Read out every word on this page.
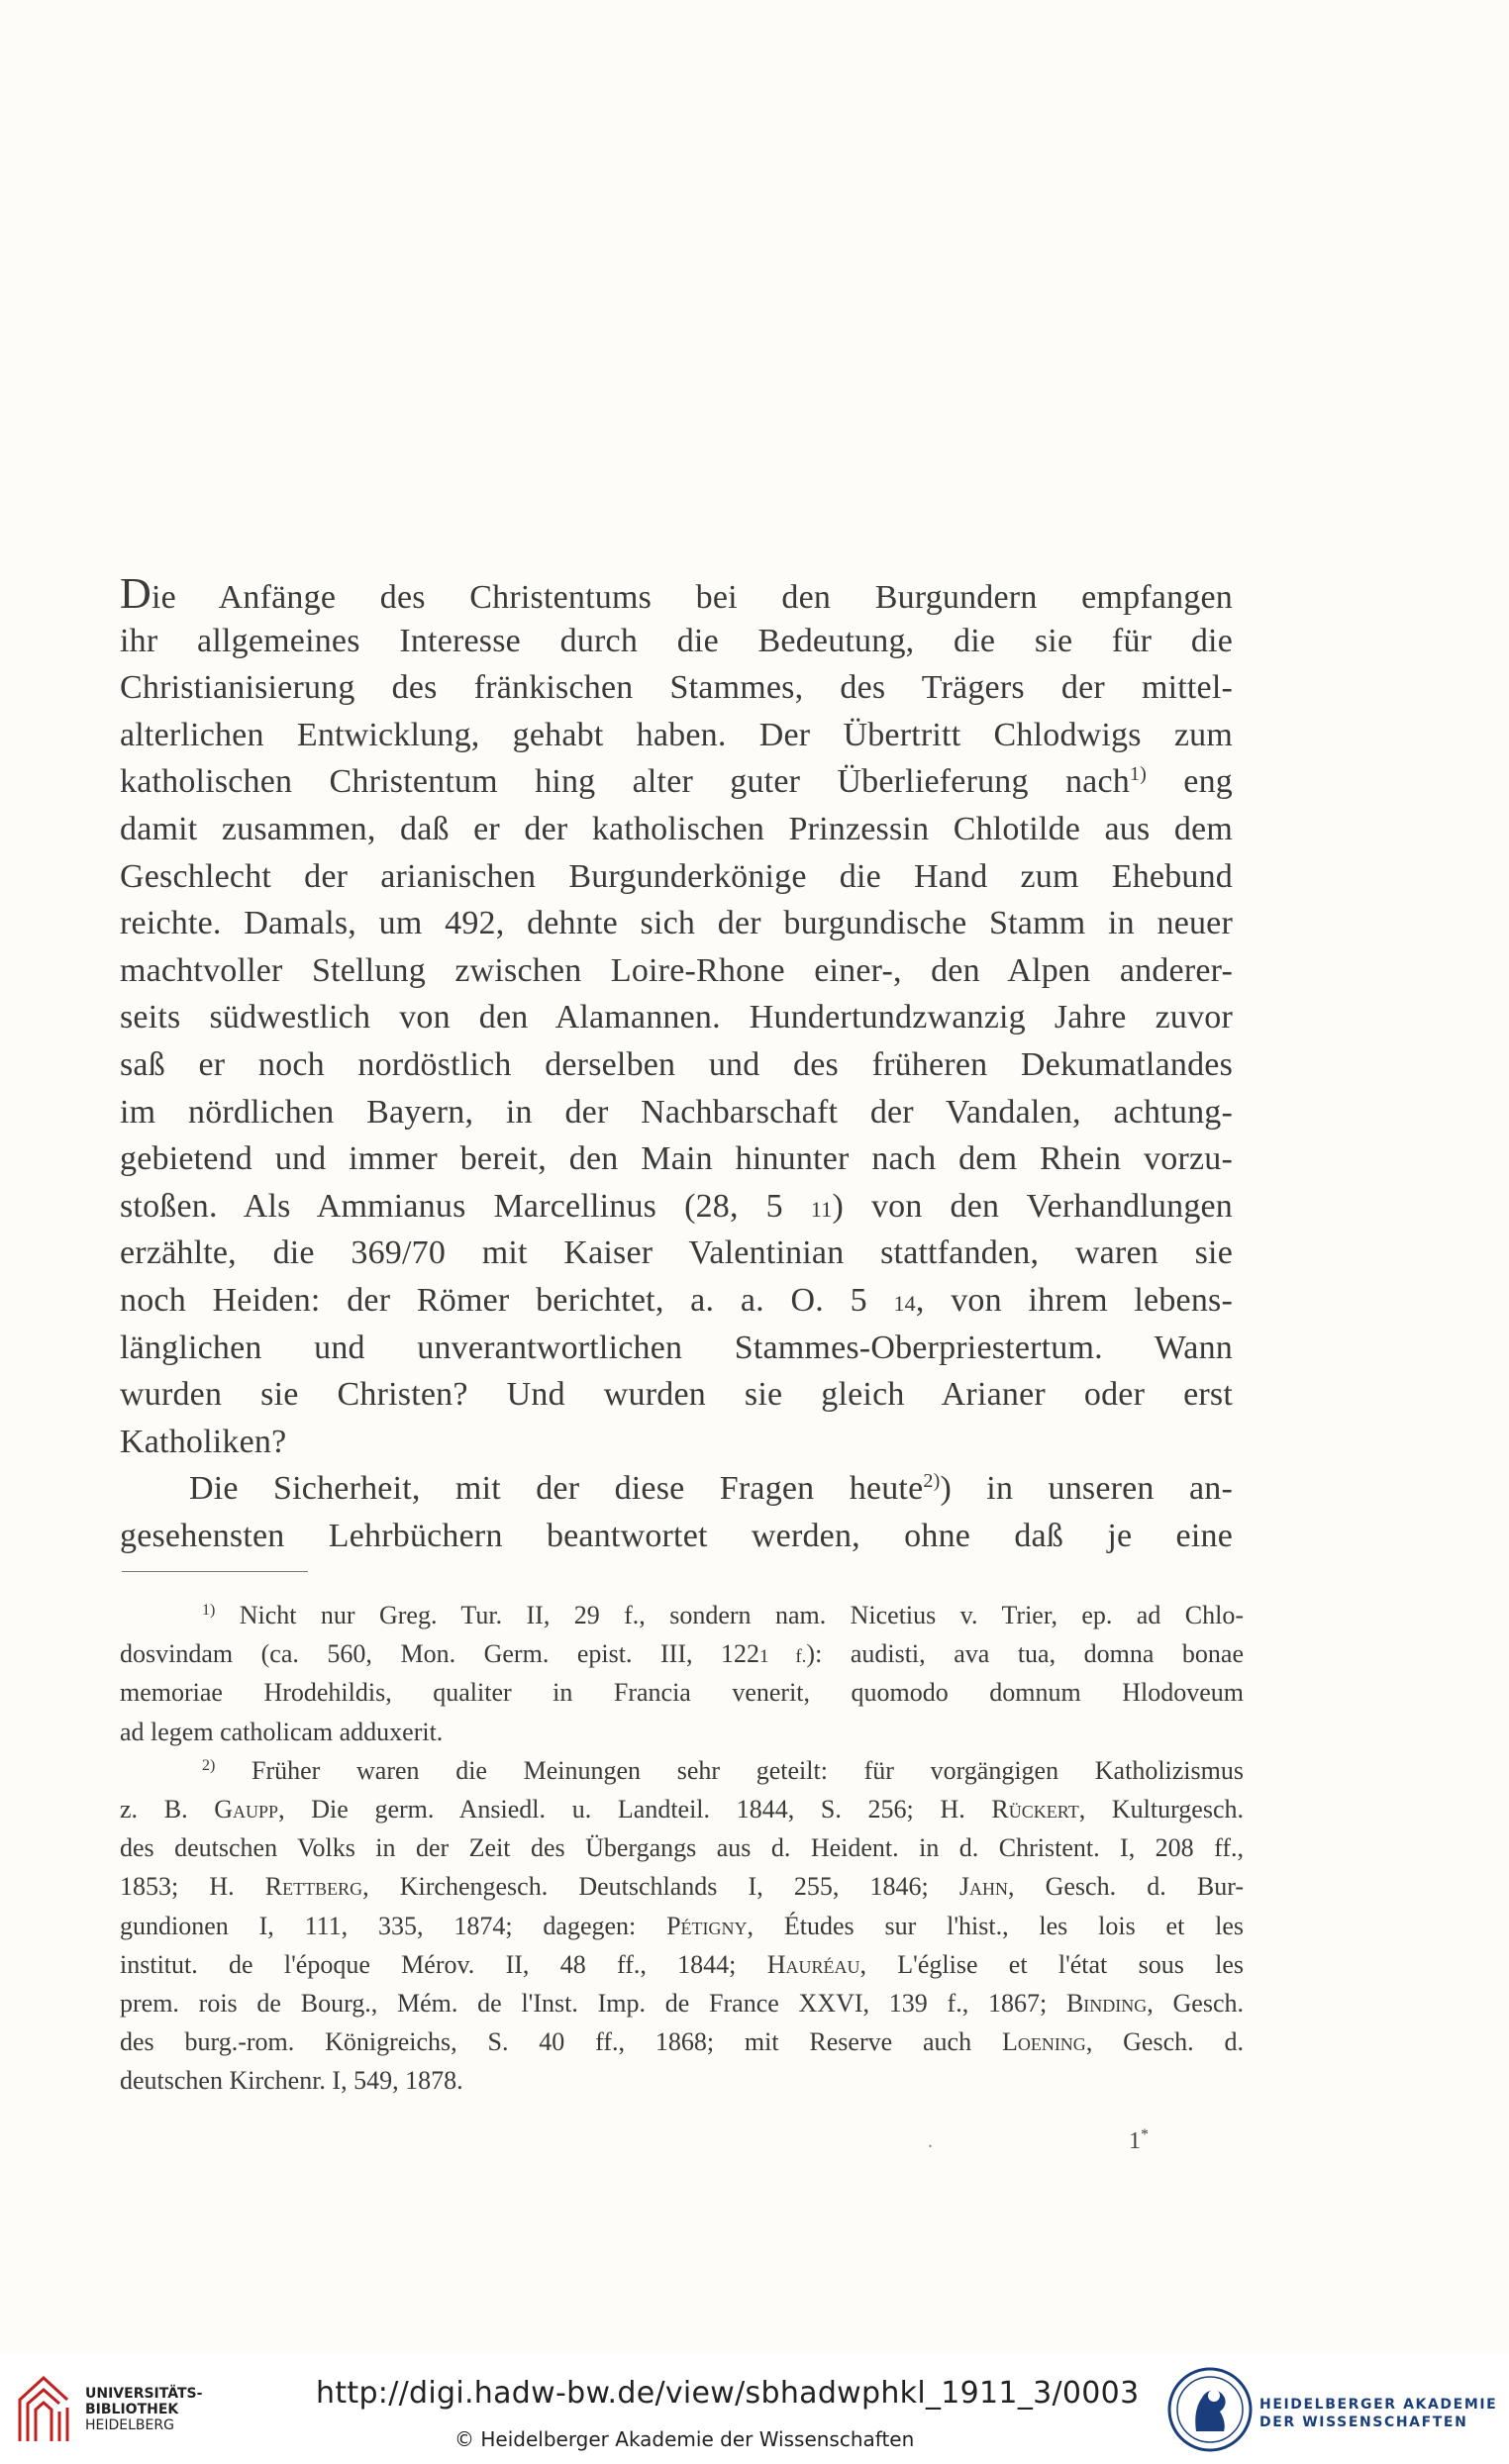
Die Anfänge des Christentums bei den Burgundern empfangen
ihr allgemeines Interesse durch die Bedeutung, die sie für die
Christianisierung des fränkischen Stammes, des Trägers der mittel-
alterlichen Entwicklung, gehabt haben. Der Übertritt Chlodwigs zum
katholischen Christentum hing alter guter Überlieferung nach$^{1)}$ eng
damit zusammen, daß er der katholischen Prinzessin Chlotilde aus dem
Geschlecht der arianischen Burgunderkönige die Hand zum Ehebund
reichte. Damals, um 492, dehnte sich der burgundische Stamm in neuer
machtvoller Stellung zwischen Loire-Rhone einer-, den Alpen anderer-
seits südwestlich von den Alamannen. Hundertundzwanzig Jahre zuvor
saß er noch nordöstlich derselben und des früheren Dekumatlandes
im nördlichen Bayern, in der Nachbarschaft der Vandalen, achtung-
gebietend und immer bereit, den Main hinunter nach dem Rhein vorzu-
stoßen. Als Ammianus Marcellinus (28, 5 11) von den Verhandlungen
erzählte, die 369/70 mit Kaiser Valentinian stattfanden, waren sie
noch Heiden: der Römer berichtet, a. a. O. 5 14, von ihrem lebens-
länglichen und unverantwortlichen Stammes-Oberpriestertum. Wann
wurden sie Christen? Und wurden sie gleich Arianer oder erst
Katholiken?
Die Sicherheit, mit der diese Fragen heute$^{2)}$) in unseren an-
gesehensten Lehrbüchern beantwortet werden, ohne daß je eine
$^{1)}$ Nicht nur Greg. Tur. II, 29 f., sondern nam. Nicetius v. Trier, ep. ad Chlo-
dosvindam (ca. 560, Mon. Germ. epist. III, 1221 f.): audisti, ava tua, domna bonae
memoriae Hrodehildis, qualiter in Francia venerit, quomodo domnum Hlodoveum
ad legem catholicam adduxerit.
$^{2)}$ Früher waren die Meinungen sehr geteilt: für vorgängigen Katholizismus
z. B. Gaupp, Die germ. Ansiedl. u. Landteil. 1844, S. 256; H. Rückert, Kulturgesch.
des deutschen Volks in der Zeit des Übergangs aus d. Heident. in d. Christent. I, 208 ff.,
1853; H. Rettberg, Kirchengesch. Deutschlands I, 255, 1846; Jahn, Gesch. d. Bur-
gundionen I, 111, 335, 1874; dagegen: Pétigny, Études sur l'hist., les lois et les
institut. de l'époque Mérov. II, 48 ff., 1844; Hauréau, L'église et l'état sous les
prem. rois de Bourg., Mém. de l'Inst. Imp. de France XXVI, 139 f., 1867; Binding, Gesch.
des burg.-rom. Königreichs, S. 40 ff., 1868; mit Reserve auch Loening, Gesch. d.
deutschen Kirchenr. I, 549, 1878.
.	1*
UNIVERSITÄTS-
BIBLIOTHEK
HEIDELBERG
http://digi.hadw-bw.de/view/sbhadwphkl_1911_3/0003
© Heidelberger Akademie der Wissenschaften
HEIDELBERGER AKADEMIE
DER WISSENSCHAFTEN
